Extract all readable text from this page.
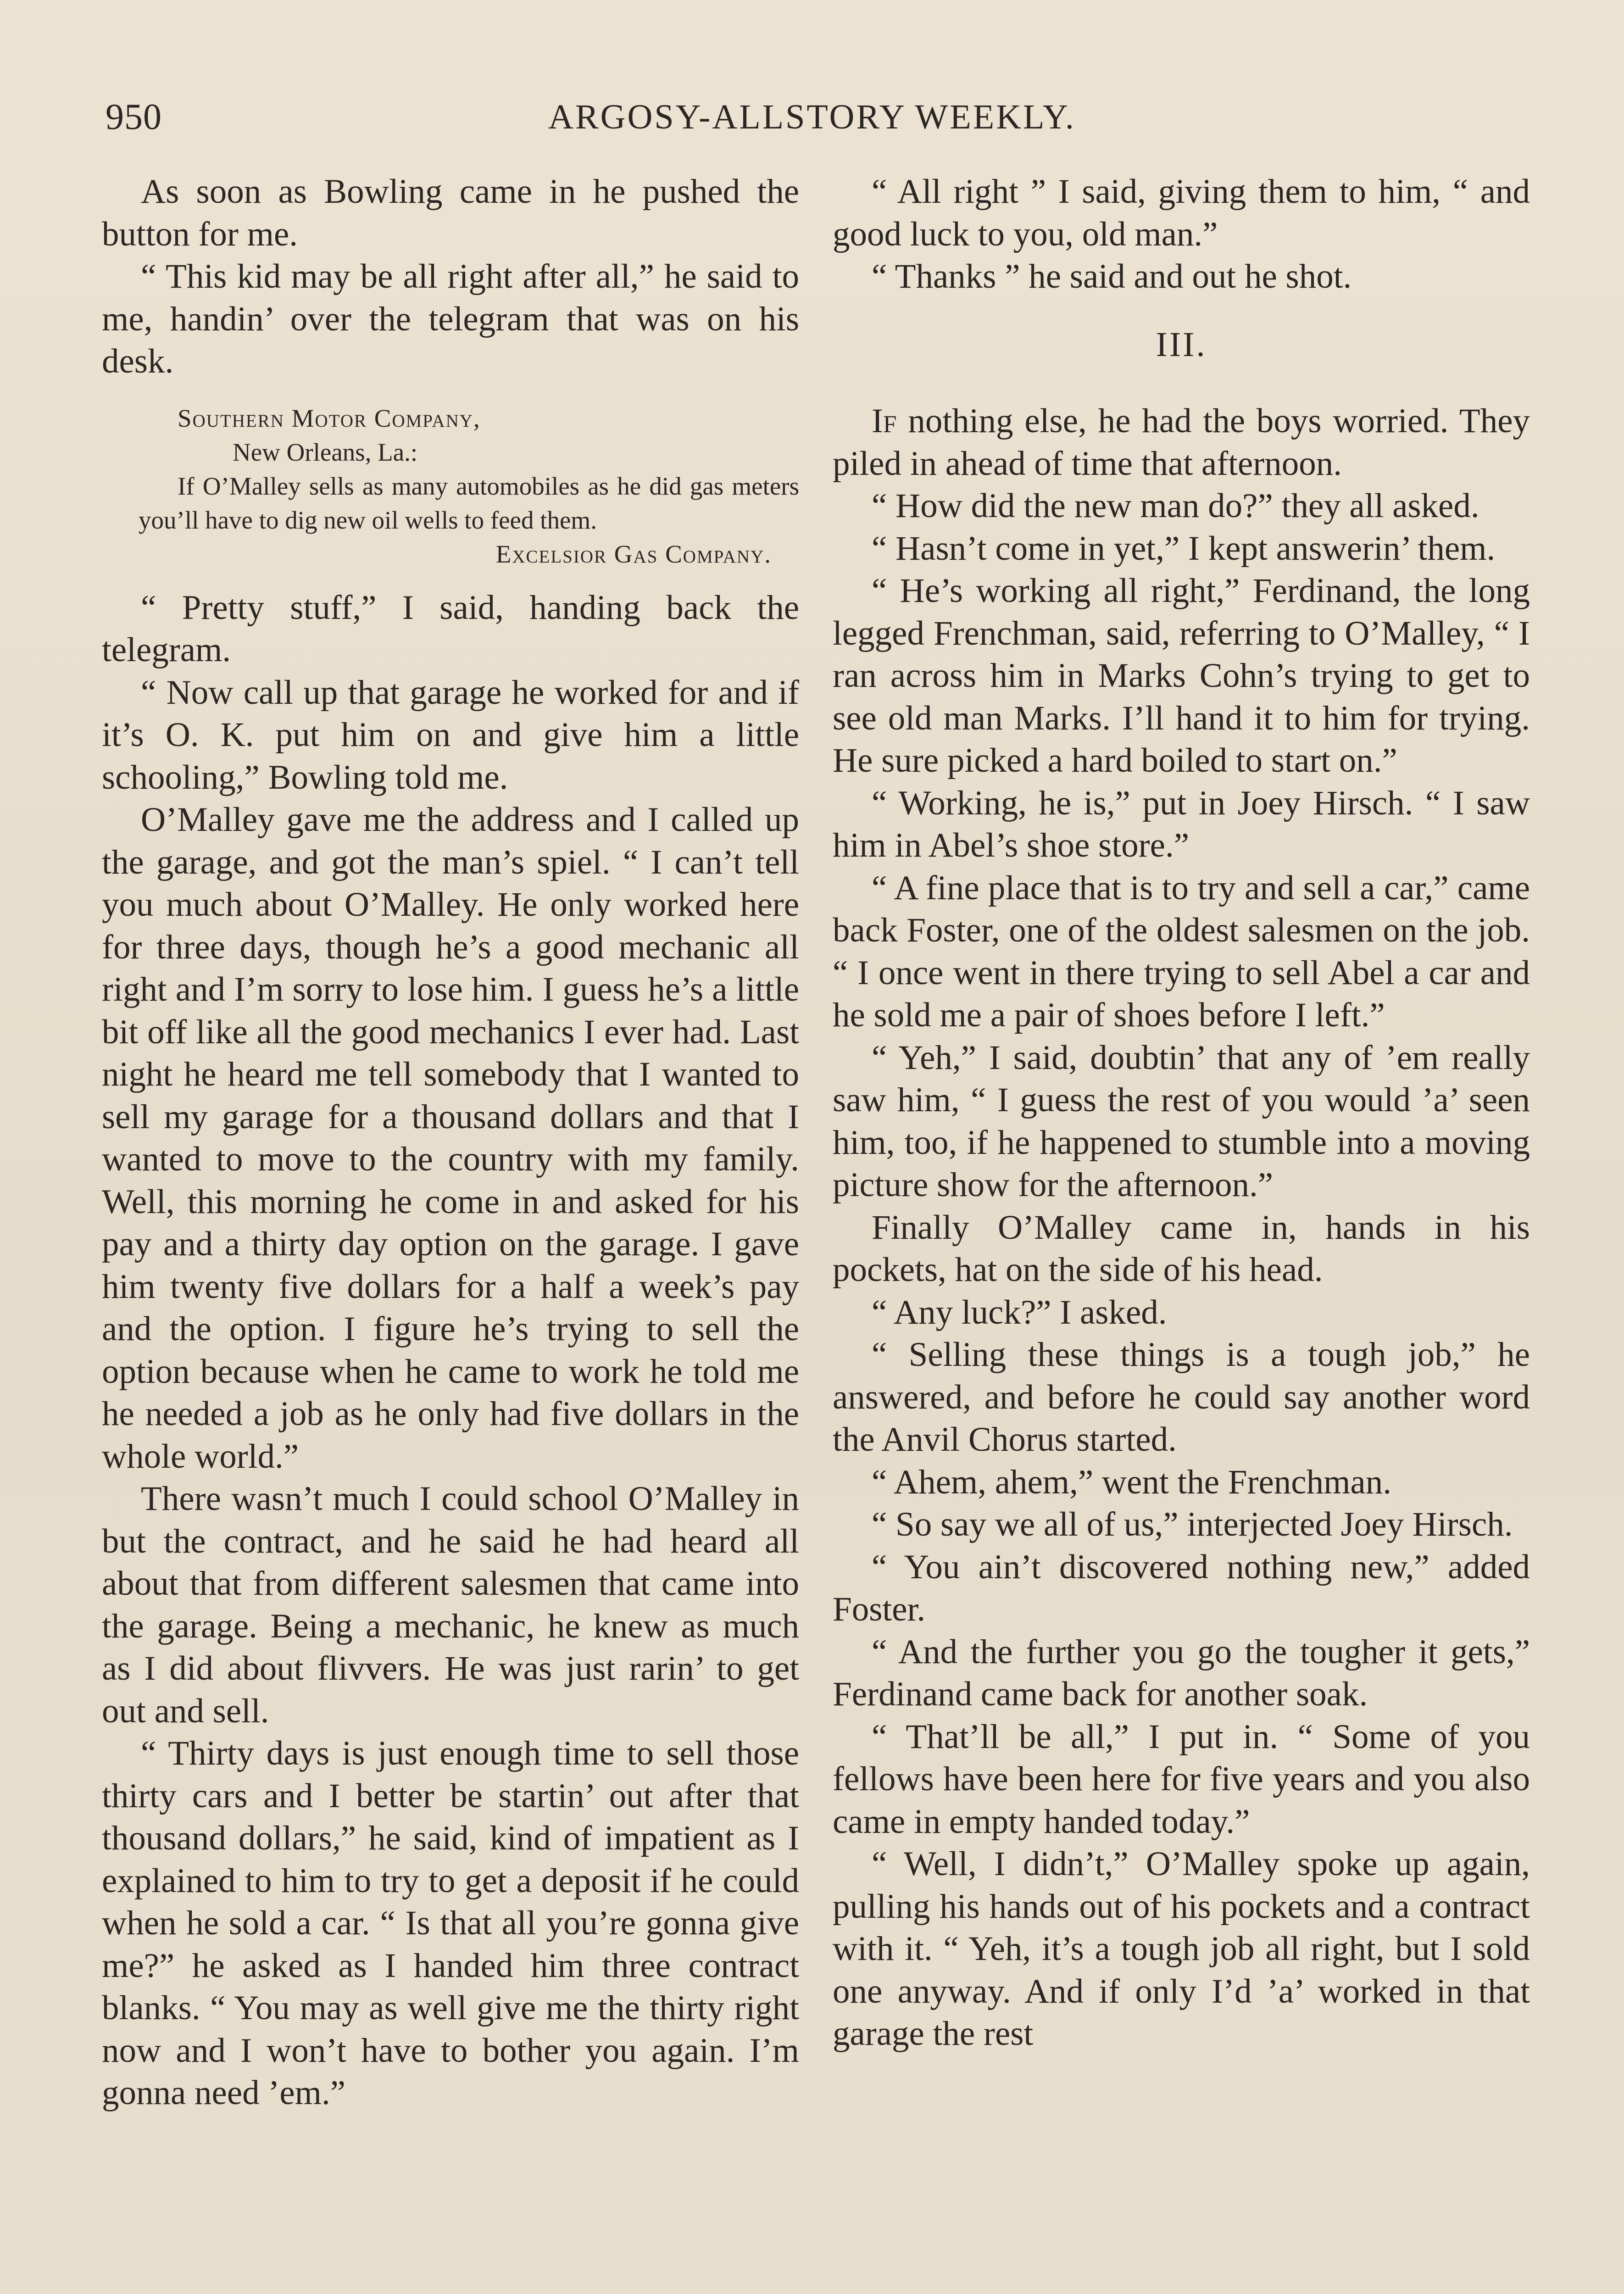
950	ARGOSY-ALLSTORY WEEKLY.

As soon as Bowling came in he pushed the button for me.

“ This kid may be all right after all,” he said to me, handin’ over the telegram that was on his desk.

Southern Motor Company,

New Orleans, La.:

If O’Malley sells as many automobiles as he did gas meters you’ll have to dig new oil wells to feed them.

Excelsior Gas Company.

“ Pretty stuff,” I said, handing back the telegram.

“ Now call up that garage he worked for and if it’s O. K. put him on and give him a little schooling,” Bowling told me.

O’Malley gave me the address and I called up the garage, and got the man’s spiel. “ I can’t tell you much about O’Malley. He only worked here for three days, though he’s a good mechanic all right and I’m sorry to lose him. I guess he’s a little bit off like all the good mechanics I ever had. Last night he heard me tell somebody that I wanted to sell my garage for a thousand dollars and that I wanted to move to the country with my family. Well, this morning he come in and asked for his pay and a thirty day option on the garage. I gave him twenty five dollars for a half a week’s pay and the option. I figure he’s trying to sell the option because when he came to work he told me he needed a job as he only had five dollars in the whole world.”

There wasn’t much I could school O’Malley in but the contract, and he said he had heard all about that from different salesmen that came into the garage. Being a mechanic, he knew as much as I did about flivvers. He was just rarin’ to get out and sell.

“ Thirty days is just enough time to sell those thirty cars and I better be startin’ out after that thousand dollars,” he said, kind of impatient as I explained to him to try to get a deposit if he could when he sold a car. “ Is that all you’re gonna give me?” he asked as I handed him three contract blanks. “ You may as well give me the thirty right now and I won’t have to bother you again. I’m gonna need ’em.”

“ All right ” I said, giving them to him, “ and good luck to you, old man.”

“ Thanks ” he said and out he shot.

III.

If nothing else, he had the boys worried. They piled in ahead of time that afternoon.

“ How did the new man do?” they all asked.

“ Hasn’t come in yet,” I kept answerin’ them.

“ He’s working all right,” Ferdinand, the long legged Frenchman, said, referring to O’Malley, “ I ran across him in Marks Cohn’s trying to get to see old man Marks. I’ll hand it to him for trying. He sure picked a hard boiled to start on.”

“ Working, he is,” put in Joey Hirsch. “ I saw him in Abel’s shoe store.”

“ A fine place that is to try and sell a car,” came back Foster, one of the oldest salesmen on the job. “ I once went in there trying to sell Abel a car and he sold me a pair of shoes before I left.”

“ Yeh,” I said, doubtin’ that any of ’em really saw him, “ I guess the rest of you would ’a’ seen him, too, if he happened to stumble into a moving picture show for the afternoon.”

Finally O’Malley came in, hands in his pockets, hat on the side of his head.

“ Any luck?” I asked.

“ Selling these things is a tough job,” he answered, and before he could say another word the Anvil Chorus started.

“ Ahem, ahem,” went the Frenchman.

“ So say we all of us,” interjected Joey Hirsch.

“ You ain’t discovered nothing new,” added Foster.

“ And the further you go the tougher it gets,” Ferdinand came back for another soak.

“ That’ll be all,” I put in. “ Some of you fellows have been here for five years and you also came in empty handed today.”

“ Well, I didn’t,” O’Malley spoke up again, pulling his hands out of his pockets and a contract with it. “ Yeh, it’s a tough job all right, but I sold one anyway. And if only I’d ’a’ worked in that garage the rest
